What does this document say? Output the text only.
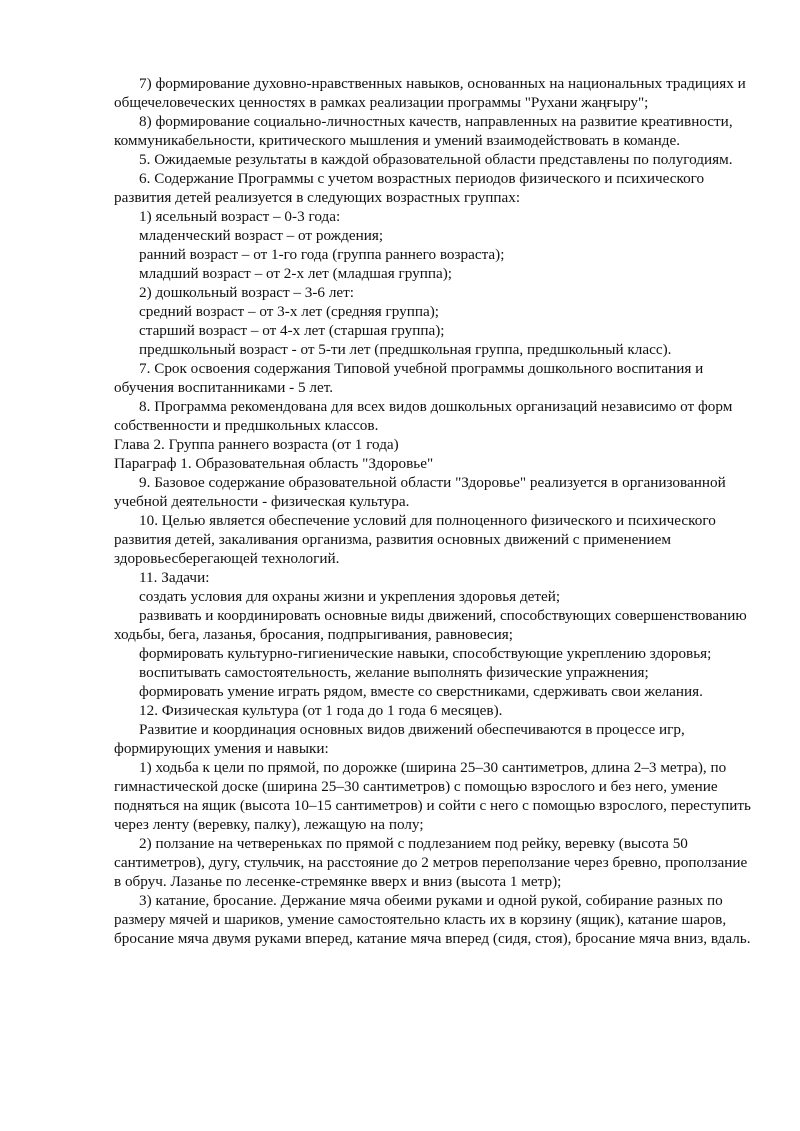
7) формирование духовно-нравственных навыков, основанных на национальных традициях и общечеловеческих ценностях в рамках реализации программы "Рухани жаңғыру";

8) формирование социально-личностных качеств, направленных на развитие креативности, коммуникабельности, критического мышления и умений взаимодействовать в команде.

5. Ожидаемые результаты в каждой образовательной области представлены по полугодиям.

6. Содержание Программы с учетом возрастных периодов физического и психического развития детей реализуется в следующих возрастных группах:

1) ясельный возраст – 0-3 года:

младенческий возраст – от рождения;

ранний возраст – от 1-го года (группа раннего возраста);

младший возраст – от 2-х лет (младшая группа);

2) дошкольный возраст – 3-6 лет:

средний возраст – от 3-х лет (средняя группа);

старший возраст – от 4-х лет (старшая группа);

предшкольный возраст - от 5-ти лет (предшкольная группа, предшкольный класс).

7. Срок освоения содержания Типовой учебной программы дошкольного воспитания и обучения воспитанниками - 5 лет.

8. Программа рекомендована для всех видов дошкольных организаций независимо от форм собственности и предшкольных классов.

Глава 2. Группа раннего возраста (от 1 года)

Параграф 1. Образовательная область "Здоровье"

9. Базовое содержание образовательной области "Здоровье" реализуется в организованной учебной деятельности - физическая культура.

10. Целью является обеспечение условий для полноценного физического и психического развития детей, закаливания организма, развития основных движений с применением здоровьесберегающей технологий.

11. Задачи:

создать условия для охраны жизни и укрепления здоровья детей;

развивать и координировать основные виды движений, способствующих совершенствованию ходьбы, бега, лазанья, бросания, подпрыгивания, равновесия;

формировать культурно-гигиенические навыки, способствующие укреплению здоровья;

воспитывать самостоятельность, желание выполнять физические упражнения;

формировать умение играть рядом, вместе со сверстниками, сдерживать свои желания.

12. Физическая культура (от 1 года до 1 года 6 месяцев).

Развитие и координация основных видов движений обеспечиваются в процессе игр, формирующих умения и навыки:

1) ходьба к цели по прямой, по дорожке (ширина 25–30 сантиметров, длина 2–3 метра), по гимнастической доске (ширина 25–30 сантиметров) с помощью взрослого и без него, умение подняться на ящик (высота 10–15 сантиметров) и сойти с него с помощью взрослого, переступить через ленту (веревку, палку), лежащую на полу;

2) ползание на четвереньках по прямой с подлезанием под рейку, веревку (высота 50 сантиметров), дугу, стульчик, на расстояние до 2 метров переползание через бревно, проползание в обруч. Лазанье по лесенке-стремянке вверх и вниз (высота 1 метр);

3) катание, бросание. Держание мяча обеими руками и одной рукой, собирание разных по размеру мячей и шариков, умение самостоятельно класть их в корзину (ящик), катание шаров, бросание мяча двумя руками вперед, катание мяча вперед (сидя, стоя), бросание мяча вниз, вдаль.
